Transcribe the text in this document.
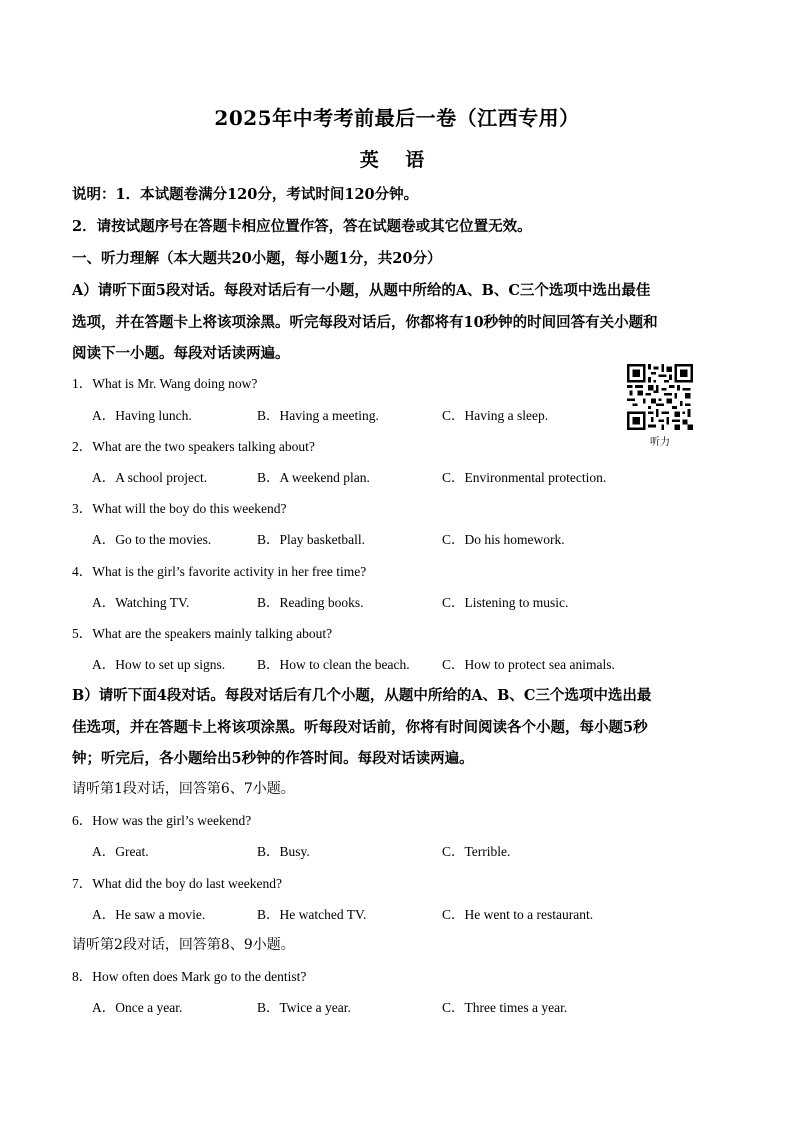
2025年中考考前最后一卷（江西专用）
英 语
说明：1．本试题卷满分120分，考试时间120分钟。
2．请按试题序号在答题卡相应位置作答，答在试题卷或其它位置无效。
一、听力理解（本大题共20小题，每小题1分，共20分）
A）请听下面5段对话。每段对话后有一小题，从题中所给的A、B、C三个选项中选出最佳
选项，并在答题卡上将该项涂黑。听完每段对话后，你都将有10秒钟的时间回答有关小题和
阅读下一小题。每段对话读两遍。
1．What is Mr. Wang doing now?
A．Having lunch.	B．Having a meeting.	C．Having a sleep.
2．What are the two speakers talking about?
A．A school project.	B．A weekend plan.	C．Environmental protection.
3．What will the boy do this weekend?
A．Go to the movies.	B．Play basketball.	C．Do his homework.
4．What is the girl’s favorite activity in her free time?
A．Watching TV.	B．Reading books.	C．Listening to music.
5．What are the speakers mainly talking about?
A．How to set up signs. B．How to clean the beach. C．How to protect sea animals.
B）请听下面4段对话。每段对话后有几个小题，从题中所给的A、B、C三个选项中选出最
佳选项，并在答题卡上将该项涂黑。听每段对话前，你将有时间阅读各个小题，每小题5秒
钟；听完后，各小题给出5秒钟的作答时间。每段对话读两遍。
请听第1段对话，回答第6、7小题。
6．How was the girl’s weekend?
A．Great.	B．Busy.	C．Terrible.
7．What did the boy do last weekend?
A．He saw a movie.	B．He watched TV.	C．He went to a restaurant.
请听第2段对话，回答第8、9小题。
8．How often does Mark go to the dentist?
A．Once a year.	B．Twice a year.	C．Three times a year.
听力
